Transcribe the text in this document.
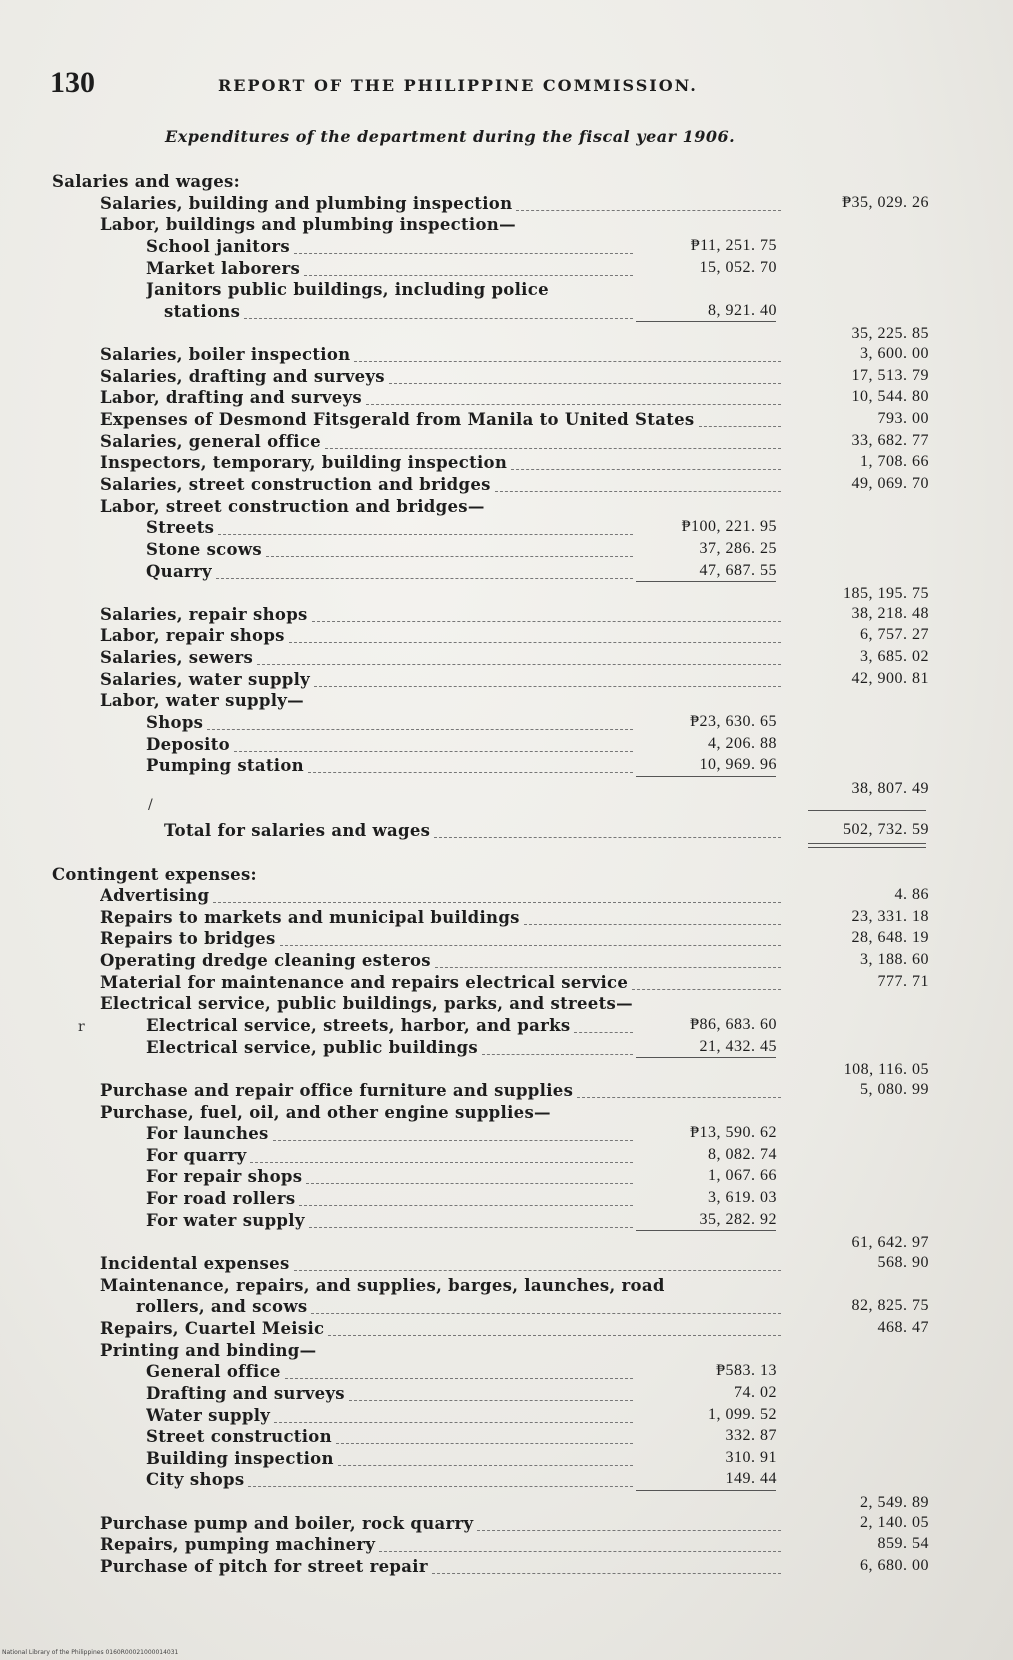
130	REPORT OF THE PHILIPPINE COMMISSION.
Expenditures of the department during the fiscal year 1906.
Salaries and wages:
Salaries, building and plumbing inspection	₱35, 029. 26
Labor, buildings and plumbing inspection—
School janitors	₱11, 251. 75
Market laborers	15, 052. 70
Janitors public buildings, including police
stations	8, 921. 40
35, 225. 85
Salaries, boiler inspection	3, 600. 00
Salaries, drafting and surveys	17, 513. 79
Labor, drafting and surveys	10, 544. 80
Expenses of Desmond Fitsgerald from Manila to United States	793. 00
Salaries, general office	33, 682. 77
Inspectors, temporary, building inspection	1, 708. 66
Salaries, street construction and bridges	49, 069. 70
Labor, street construction and bridges—
Streets	₱100, 221. 95
Stone scows	37, 286. 25
Quarry	47, 687. 55
185, 195. 75
Salaries, repair shops	38, 218. 48
Labor, repair shops	6, 757. 27
Salaries, sewers	3, 685. 02
Salaries, water supply	42, 900. 81
Labor, water supply—
Shops	₱23, 630. 65
Deposito	4, 206. 88
Pumping station	10, 969. 96
38, 807. 49
Total for salaries and wages	502, 732. 59
Contingent expenses:
Advertising	4. 86
Repairs to markets and municipal buildings	23, 331. 18
Repairs to bridges	28, 648. 19
Operating dredge cleaning esteros	3, 188. 60
Material for maintenance and repairs electrical service	777. 71
Electrical service, public buildings, parks, and streets—
Electrical service, streets, harbor, and parks	₱86, 683. 60
Electrical service, public buildings	21, 432. 45
108, 116. 05
Purchase and repair office furniture and supplies	5, 080. 99
Purchase, fuel, oil, and other engine supplies—
For launches	₱13, 590. 62
For quarry	8, 082. 74
For repair shops	1, 067. 66
For road rollers	3, 619. 03
For water supply	35, 282. 92
61, 642. 97
Incidental expenses	568. 90
Maintenance, repairs, and supplies, barges, launches, road
rollers, and scows	82, 825. 75
Repairs, Cuartel Meisic	468. 47
Printing and binding—
General office	₱583. 13
Drafting and surveys	74. 02
Water supply	1, 099. 52
Street construction	332. 87
Building inspection	310. 91
City shops	149. 44
2, 549. 89
Purchase pump and boiler, rock quarry	2, 140. 05
Repairs, pumping machinery	859. 54
Purchase of pitch for street repair	6, 680. 00
National Library of the Philippines 0160R00021000014031
/
r
